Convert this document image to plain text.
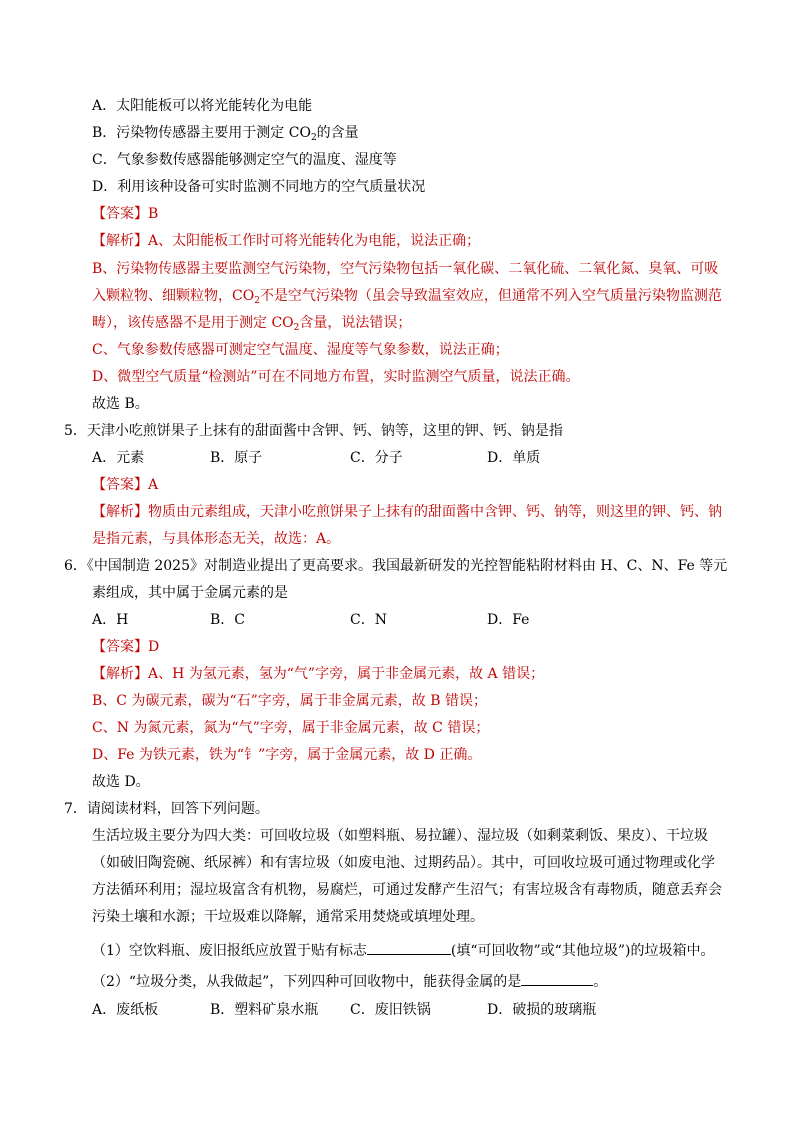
A．太阳能板可以将光能转化为电能
B．污染物传感器主要用于测定 $CO_2$的含量
C．气象参数传感器能够测定空气的温度、湿度等
D．利用该种设备可实时监测不同地方的空气质量状况
【答案】B
【解析】A、太阳能板工作时可将光能转化为电能，说法正确；
B、污染物传感器主要监测空气污染物，空气污染物包括一氧化碳、二氧化硫、二氧化氮、臭氧、可吸
入颗粒物、细颗粒物，$CO_2$不是空气污染物（虽会导致温室效应，但通常不列入空气质量污染物监测范
畴），该传感器不是用于测定 $CO_2$含量，说法错误；
C、气象参数传感器可测定空气温度、湿度等气象参数，说法正确；
D、微型空气质量“检测站”可在不同地方布置，实时监测空气质量，说法正确。
故选 B。
5．天津小吃煎饼果子上抹有的甜面酱中含钾、钙、钠等，这里的钾、钙、钠是指
A．元素	B．原子	C．分子	D．单质
【答案】A
【解析】物质由元素组成，天津小吃煎饼果子上抹有的甜面酱中含钾、钙、钠等，则这里的钾、钙、钠
是指元素，与具体形态无关，故选：A。
6．《中国制造 2025》对制造业提出了更高要求。我国最新研发的光控智能粘附材料由 H、C、N、Fe 等元
素组成，其中属于金属元素的是
A．H	B．C	C．N	D．Fe
【答案】D
【解析】A、H 为氢元素，氢为“气”字旁，属于非金属元素，故 A 错误；
B、C 为碳元素，碳为“石”字旁，属于非金属元素，故 B 错误；
C、N 为氮元素，氮为“气”字旁，属于非金属元素，故 C 错误；
D、Fe 为铁元素，铁为“钅”字旁，属于金属元素，故 D 正确。
故选 D。
7．请阅读材料，回答下列问题。
生活垃圾主要分为四大类：可回收垃圾（如塑料瓶、易拉罐）、湿垃圾（如剩菜剩饭、果皮）、干垃圾
（如破旧陶瓷碗、纸尿裤）和有害垃圾（如废电池、过期药品）。其中，可回收垃圾可通过物理或化学
方法循环利用；湿垃圾富含有机物，易腐烂，可通过发酵产生沼气；有害垃圾含有毒物质，随意丢弃会
污染土壤和水源；干垃圾难以降解，通常采用焚烧或填埋处理。
（1）空饮料瓶、废旧报纸应放置于贴有标志	(填“可回收物”或“其他垃圾”)的垃圾箱中。
（2）“垃圾分类，从我做起”，下列四种可回收物中，能获得金属的是	。
A．废纸板	B．塑料矿泉水瓶 C．废旧铁锅	D．破损的玻璃瓶
